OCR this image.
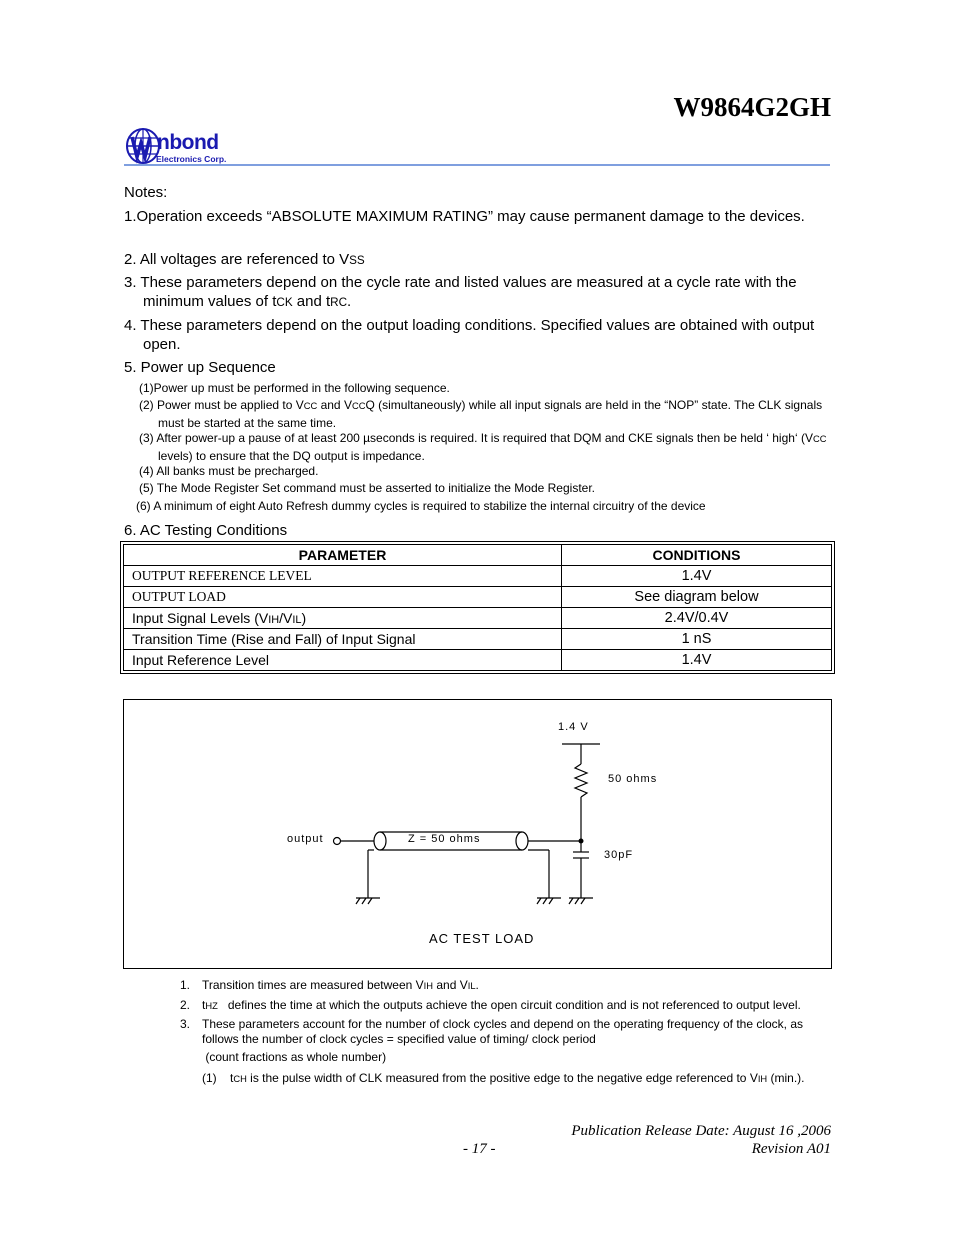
W9864G2GH
nbond
Electronics Corp.
Notes:
1.Operation exceeds “ABSOLUTE MAXIMUM RATING” may cause permanent damage to the devices.
2. All voltages are referenced to VSS
3. These parameters depend on the cycle rate and listed values are measured at a cycle rate with the minimum values of tCK and tRC.
4. These parameters depend on the output loading conditions. Specified values are obtained with output open.
5. Power up Sequence
(1)Power up must be performed in the following sequence.
(2) Power must be applied to VCC and VCCQ (simultaneously) while all input signals are held in the “NOP” state. The CLK signals must be started at the same time.
(3) After power-up a pause of at least 200 µseconds is required. It is required that DQM and CKE signals then be held ‘ high‘ (VCC levels) to ensure that the DQ output is impedance.
(4) All banks must be precharged.
(5) The Mode Register Set command must be asserted to initialize the Mode Register.
(6) A minimum of eight Auto Refresh dummy cycles is required to stabilize the internal circuitry of the device
6. AC Testing Conditions
PARAMETER	CONDITIONS
OUTPUT REFERENCE LEVEL	1.4V
OUTPUT LOAD	See diagram below
Input Signal Levels (VIH/VIL)	2.4V/0.4V
Transition Time (Rise and Fall) of Input Signal	1 nS
Input Reference Level	1.4V
1.4 V
50 ohms
output	Z = 50 ohms
30pF
AC TEST LOAD
1. Transition times are measured between VIH and VIL.
2. tHZ   defines the time at which the outputs achieve the open circuit condition and is not referenced to output level.
3. These parameters account for the number of clock cycles and depend on the operating frequency of the clock, as follows the number of clock cycles = specified value of timing/ clock period
(count fractions as whole number)
(1) tCH is the pulse width of CLK measured from the positive edge to the negative edge referenced to VIH (min.).
Publication Release Date: August 16 ,2006
- 17 -	Revision A01
